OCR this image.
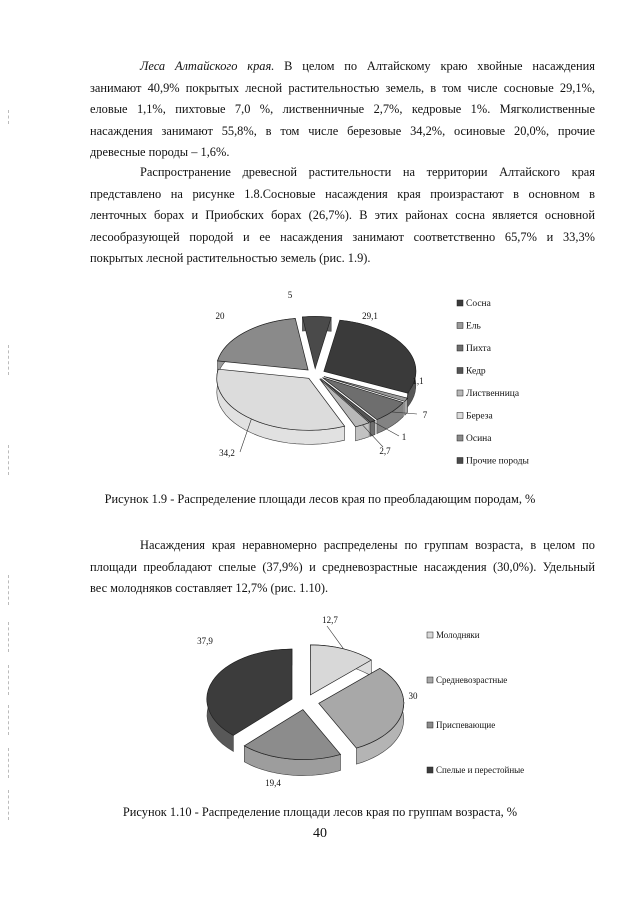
Леса Алтайского края. В целом по Алтайскому краю хвойные насаждения
занимают 40,9% покрытых лесной растительностью земель, в том числе сосновые 29,1%,
еловые 1,1%, пихтовые 7,0 %, лиственничные 2,7%, кедровые 1%. Мягколиственные
насаждения занимают 55,8%, в том числе березовые 34,2%, осиновые 20,0%, прочие
древесные породы – 1,6%.
Распространение древесной растительности на территории Алтайского края
представлено на рисунке 1.8.Сосновые насаждения края произрастают в основном в
ленточных борах и Приобских борах (26,7%). В этих районах сосна является основной
лесообразующей породой и ее насаждения занимают соответственно 65,7% и 33,3%
покрытых лесной растительностью земель (рис. 1.9).
29,1
1,1
7
1
2,7
34,2
20
5
Сосна
Ель
Пихта
Кедр
Лиственница
Береза
Осина
Прочие породы
Рисунок 1.9 - Распределение площади лесов края по преобладающим породам, %
Насаждения края неравномерно распределены по группам возраста, в целом по
площади преобладают спелые (37,9%) и средневозрастные насаждения (30,0%). Удельный
вес молодняков составляет 12,7% (рис. 1.10).
12,7
30
19,4
37,9
Молодняки
Средневозрастные
Приспевающие
Спелые и перестойные
Рисунок 1.10 - Распределение площади лесов края по группам возраста, %
40
